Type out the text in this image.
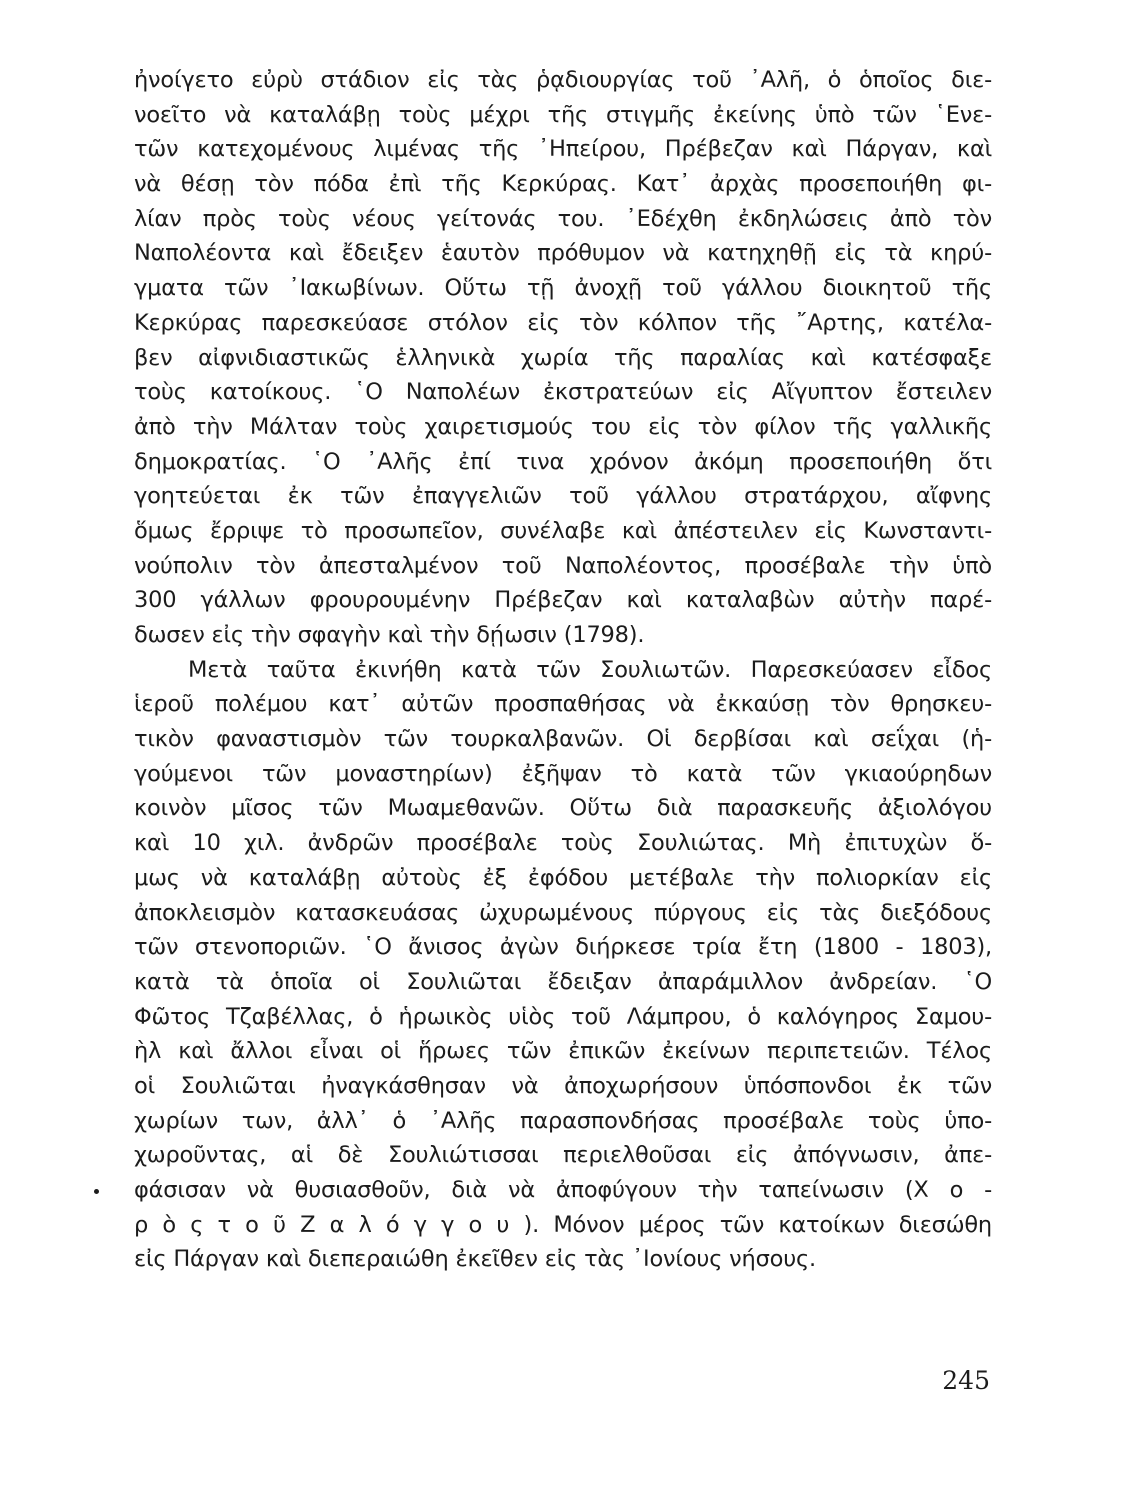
ἠνοίγετο εὐρὺ στάδιον εἰς τὰς ῥᾳδιουργίας τοῦ ᾿Αλῆ, ὁ ὁποῖος διε-
νοεῖτο νὰ καταλάβῃ τοὺς μέχρι τῆς στιγμῆς ἐκείνης ὑπὸ τῶν ῾Ενε-
τῶν κατεχομένους λιμένας τῆς ᾿Ηπείρου, Πρέβεζαν καὶ Πάργαν, καὶ
νὰ θέσῃ τὸν πόδα ἐπὶ τῆς Κερκύρας. Κατ᾿ ἀρχὰς προσεποιήθη φι-
λίαν πρὸς τοὺς νέους γείτονάς του. ᾿Εδέχθη ἐκδηλώσεις ἀπὸ τὸν
Ναπολέοντα καὶ ἔδειξεν ἑαυτὸν πρόθυμον νὰ κατηχηθῇ εἰς τὰ κηρύ-
γματα τῶν ᾿Ιακωβίνων. Οὕτω τῇ ἀνοχῇ τοῦ γάλλου διοικητοῦ τῆς
Κερκύρας παρεσκεύασε στόλον εἰς τὸν κόλπον τῆς ῎Αρτης, κατέλα-
βεν αἰφνιδιαστικῶς ἑλληνικὰ χωρία τῆς παραλίας καὶ κατέσφαξε
τοὺς κατοίκους. ῾Ο Ναπολέων ἐκστρατεύων εἰς Αἴγυπτον ἔστειλεν
ἀπὸ τὴν Μάλταν τοὺς χαιρετισμούς του εἰς τὸν φίλον τῆς γαλλικῆς
δημοκρατίας. ῾Ο ᾿Αλῆς ἐπί τινα χρόνον ἀκόμη προσεποιήθη ὅτι
γοητεύεται ἐκ τῶν ἐπαγγελιῶν τοῦ γάλλου στρατάρχου, αἴφνης
ὅμως ἔρριψε τὸ προσωπεῖον, συνέλαβε καὶ ἀπέστειλεν εἰς Κωνσταντι-
νούπολιν τὸν ἀπεσταλμένον τοῦ Ναπολέοντος, προσέβαλε τὴν ὑπὸ
300 γάλλων φρουρουμένην Πρέβεζαν καὶ καταλαβὼν αὐτὴν παρέ-
δωσεν εἰς τὴν σφαγὴν καὶ τὴν δῄωσιν (1798).
Μετὰ ταῦτα ἐκινήθη κατὰ τῶν Σουλιωτῶν. Παρεσκεύασεν εἶδος
ἱεροῦ πολέμου κατ᾿ αὐτῶν προσπαθήσας νὰ ἐκκαύσῃ τὸν θρησκευ-
τικὸν φαναστισμὸν τῶν τουρκαλβανῶν. Οἱ δερβίσαι καὶ σεΐχαι (ἡ-
γούμενοι τῶν μοναστηρίων) ἐξῆψαν τὸ κατὰ τῶν γκιαούρηδων
κοινὸν μῖσος τῶν Μωαμεθανῶν. Οὕτω διὰ παρασκευῆς ἀξιολόγου
καὶ 10 χιλ. ἀνδρῶν προσέβαλε τοὺς Σουλιώτας. Μὴ ἐπιτυχὼν ὅ-
μως νὰ καταλάβῃ αὐτοὺς ἐξ ἐφόδου μετέβαλε τὴν πολιορκίαν εἰς
ἀποκλεισμὸν κατασκευάσας ὠχυρωμένους πύργους εἰς τὰς διεξόδους
τῶν στενοποριῶν. ῾Ο ἄνισος ἀγὼν διήρκεσε τρία ἔτη (1800 - 1803),
κατὰ τὰ ὁποῖα οἱ Σουλιῶται ἔδειξαν ἀπαράμιλλον ἀνδρείαν. ῾Ο
Φῶτος Τζαβέλλας, ὁ ἡρωικὸς υἱὸς τοῦ Λάμπρου, ὁ καλόγηρος Σαμου-
ὴλ καὶ ἄλλοι εἶναι οἱ ἥρωες τῶν ἐπικῶν ἐκείνων περιπετειῶν. Τέλος
οἱ Σουλιῶται ἠναγκάσθησαν νὰ ἀποχωρήσουν ὑπόσπονδοι ἐκ τῶν
χωρίων των, ἀλλ᾿ ὁ ᾿Αλῆς παρασπονδήσας προσέβαλε τοὺς ὑπο-
χωροῦντας, αἱ δὲ Σουλιώτισσαι περιελθοῦσαι εἰς ἀπόγνωσιν, ἀπε-
φάσισαν νὰ θυσιασθοῦν, διὰ νὰ ἀποφύγουν τὴν ταπείνωσιν (Χ ο -
ρ ὸ ς τ ο ῦ Ζ α λ ό γ γ ο υ ). Μόνον μέρος τῶν κατοίκων διεσώθη
εἰς Πάργαν καὶ διεπεραιώθη ἐκεῖθεν εἰς τὰς ᾿Ιονίους νήσους.
245
